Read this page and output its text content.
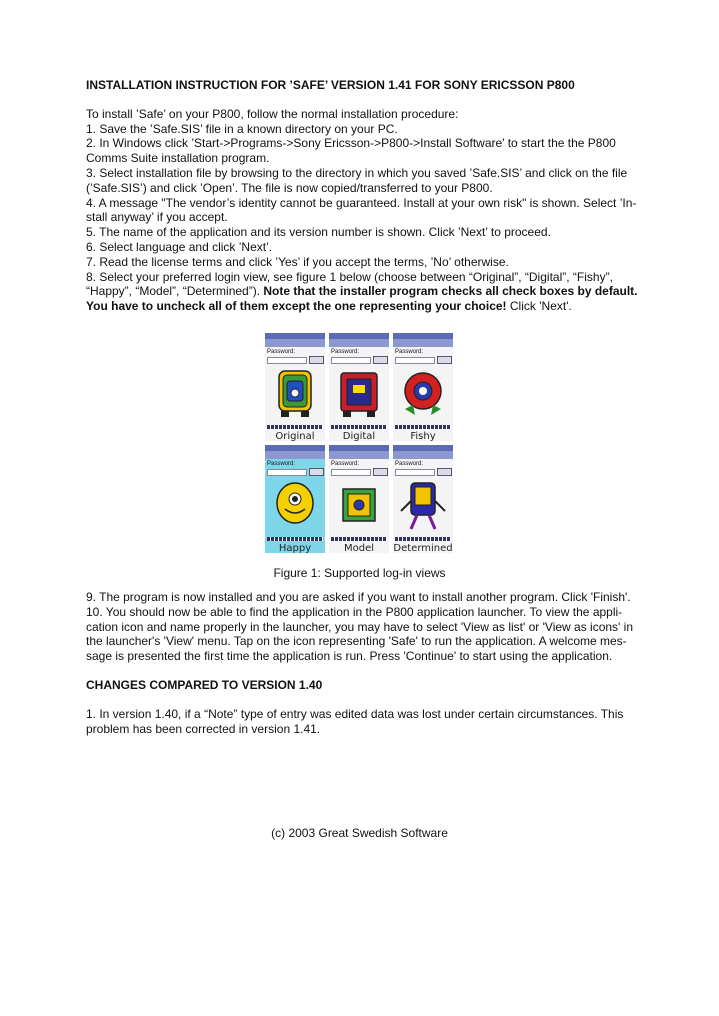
INSTALLATION INSTRUCTION FOR ’SAFE’ VERSION 1.41 FOR SONY ERICSSON P800

To install ’Safe’ on your P800, follow the normal installation procedure:

1. Save the ’Safe.SIS’ file in a known directory on your PC.

2. In Windows click ’Start->Programs->Sony Ericsson->P800->Install Software’ to start the the P800 Comms Suite installation program.

3. Select installation file by browsing to the directory in which you saved ’Safe.SIS’ and click on the file (’Safe.SIS’) and click ’Open’. The file is now copied/transferred to your P800.

4. A message "The vendor’s identity cannot be guaranteed. Install at your own risk" is shown. Select ’In-stall anyway’ if you accept.

5. The name of the application and its version number is shown. Click ’Next’ to proceed.

6. Select language and click ’Next’.

7. Read the license terms and click ’Yes’ if you accept the terms, ’No’ otherwise.

8. Select your preferred login view, see figure 1 below (choose between “Original”, “Digital”, “Fishy”, “Happy”, “Model”, “Determined”). Note that the installer program checks all check boxes by default. You have to uncheck all of them except the one representing your choice! Click 'Next'.

Password:	Password:	Password:
Original	Digital	Fishy
Password:	Password:	Password:
Happy	Model	Determined
Figure 1: Supported log-in views

9. The program is now installed and you are asked if you want to install another program. Click 'Finish'.

10. You should now be able to find the application in the P800 application launcher. To view the appli-cation icon and name properly in the launcher, you may have to select 'View as list' or 'View as icons' in the launcher's 'View' menu. Tap on the icon representing 'Safe' to run the application. A welcome mes-sage is presented the first time the application is run. Press 'Continue' to start using the application.

CHANGES COMPARED TO VERSION 1.40

1. In version 1.40, if a “Note” type of entry was edited data was lost under certain circumstances. This problem has been corrected in version 1.41.

(c) 2003 Great Swedish Software
